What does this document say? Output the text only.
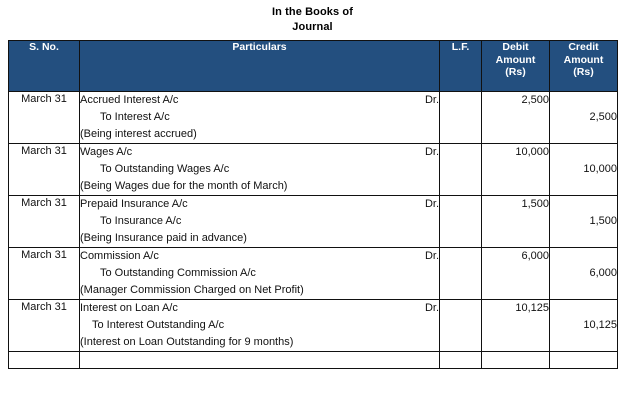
In the Books of
Journal
S. No.	Particulars	L.F.	Debit
Amount
(Rs)	Credit
Amount
(Rs)

March 31	Accrued Interest A/c Dr.
To Interest A/c
(Being interest accrued)		2,500	2,500

March 31	Wages A/c Dr.
To Outstanding Wages A/c
(Being Wages due for the month of March)		10,000	10,000

March 31	Prepaid Insurance A/c Dr.
To Insurance A/c
(Being Insurance paid in advance)		1,500	1,500

March 31	Commission A/c Dr.
To Outstanding Commission A/c
(Manager Commission Charged on Net Profit)		6,000	6,000

March 31	Interest on Loan A/c Dr.
To Interest Outstanding A/c
(Interest on Loan Outstanding for 9 months)		10,125	10,125
